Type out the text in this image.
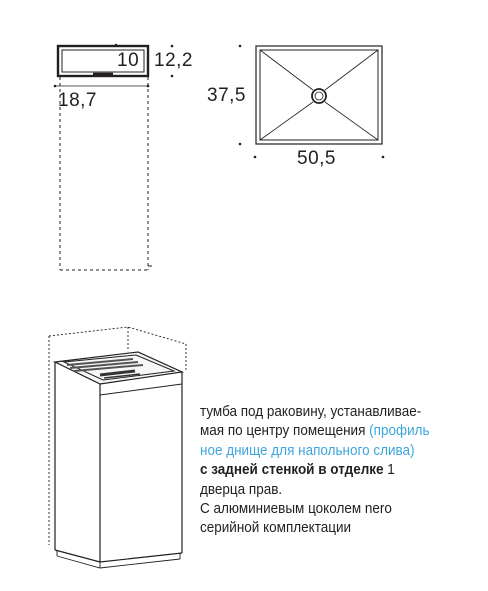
10 12,2
18,7	37,5
50,5
тумба под раковину, устанавливае-
мая по центру помещения (профиль
ное днище для напольного слива)
с задней стенкой в отделке 1
дверца прав.
С алюминиевым цоколем nero
серийной комплектации
